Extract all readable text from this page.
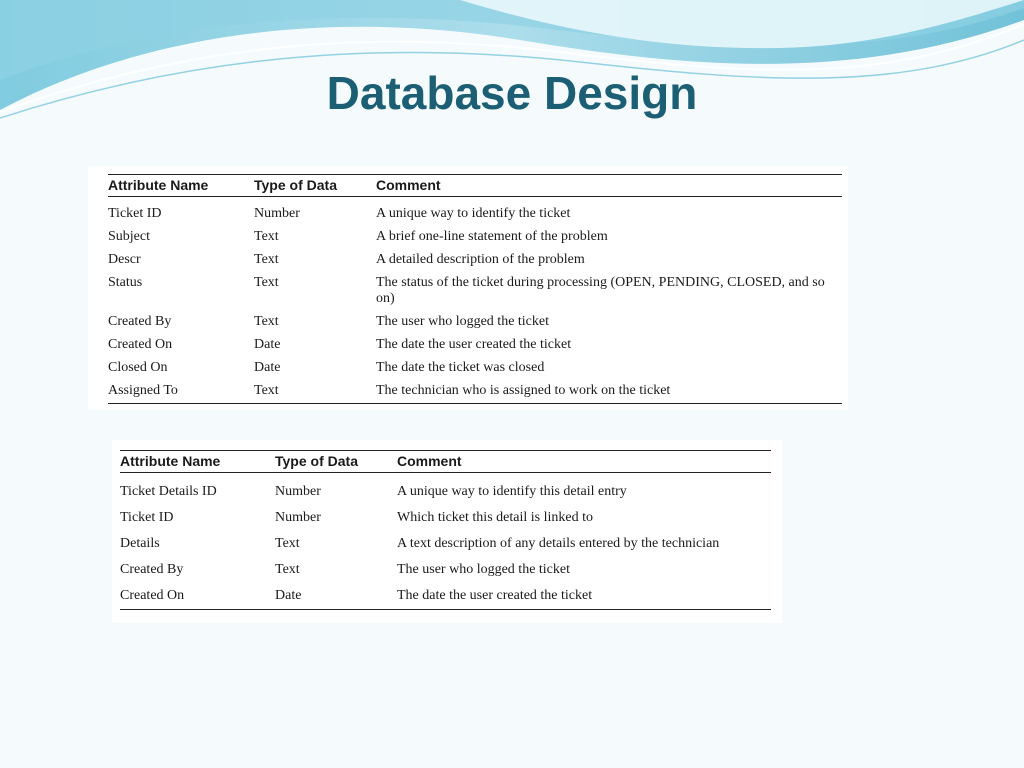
Database Design
Attribute Name	Type of Data	Comment
Ticket ID	Number	A unique way to identify the ticket
Subject	Text	A brief one-line statement of the problem
Descr	Text	A detailed description of the problem
Status	Text	The status of the ticket during processing (OPEN, PENDING, CLOSED, and so on)
Created By	Text	The user who logged the ticket
Created On	Date	The date the user created the ticket
Closed On	Date	The date the ticket was closed
Assigned To	Text	The technician who is assigned to work on the ticket
Attribute Name	Type of Data	Comment
Ticket Details ID	Number	A unique way to identify this detail entry
Ticket ID	Number	Which ticket this detail is linked to
Details	Text	A text description of any details entered by the technician
Created By	Text	The user who logged the ticket
Created On	Date	The date the user created the ticket
